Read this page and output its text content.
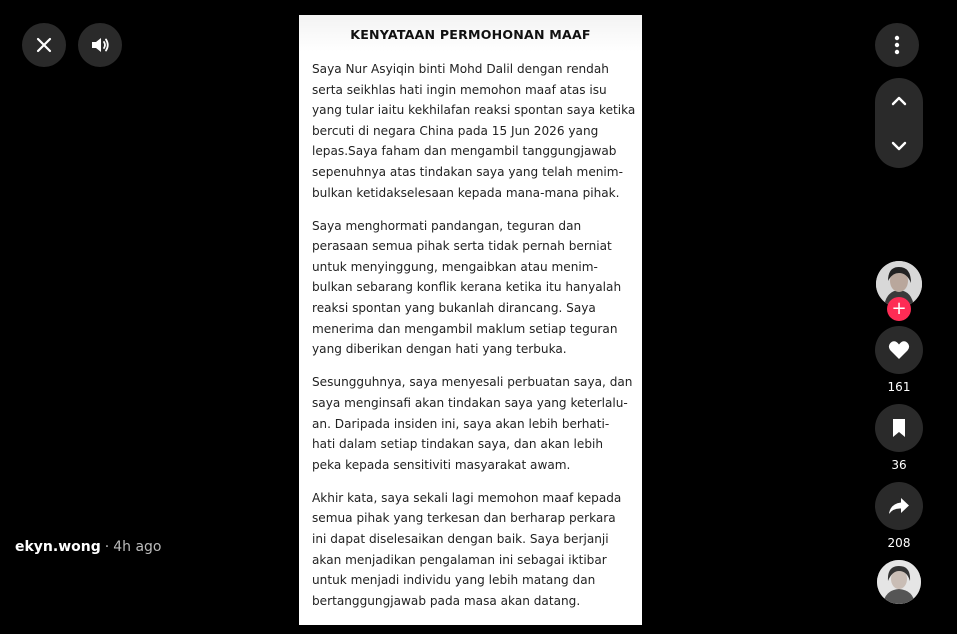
KENYATAAN PERMOHONAN MAAF

Saya Nur Asyiqin binti Mohd Dalil dengan rendah
serta seikhlas hati ingin memohon maaf atas isu
yang tular iaitu kekhilafan reaksi spontan saya ketika
bercuti di negara China pada 15 Jun 2026 yang
lepas.Saya faham dan mengambil tanggungjawab
sepenuhnya atas tindakan saya yang telah menim-
bulkan ketidakselesaan kepada mana-mana pihak.

Saya menghormati pandangan, teguran dan
perasaan semua pihak serta tidak pernah berniat
untuk menyinggung, mengaibkan atau menim-
bulkan sebarang konflik kerana ketika itu hanyalah
reaksi spontan yang bukanlah dirancang. Saya
menerima dan mengambil maklum setiap teguran
yang diberikan dengan hati yang terbuka.

Sesungguhnya, saya menyesali perbuatan saya, dan
saya menginsafi akan tindakan saya yang keterlalu-
an. Daripada insiden ini, saya akan lebih berhati-
hati dalam setiap tindakan saya, dan akan lebih
peka kepada sensitiviti masyarakat awam.

Akhir kata, saya sekali lagi memohon maaf kepada
semua pihak yang terkesan dan berharap perkara
ini dapat diselesaikan dengan baik. Saya berjanji
akan menjadikan pengalaman ini sebagai iktibar
untuk menjadi individu yang lebih matang dan
bertanggungjawab pada masa akan datang.

ekyn.wong · 4h ago
+
161
36
208
